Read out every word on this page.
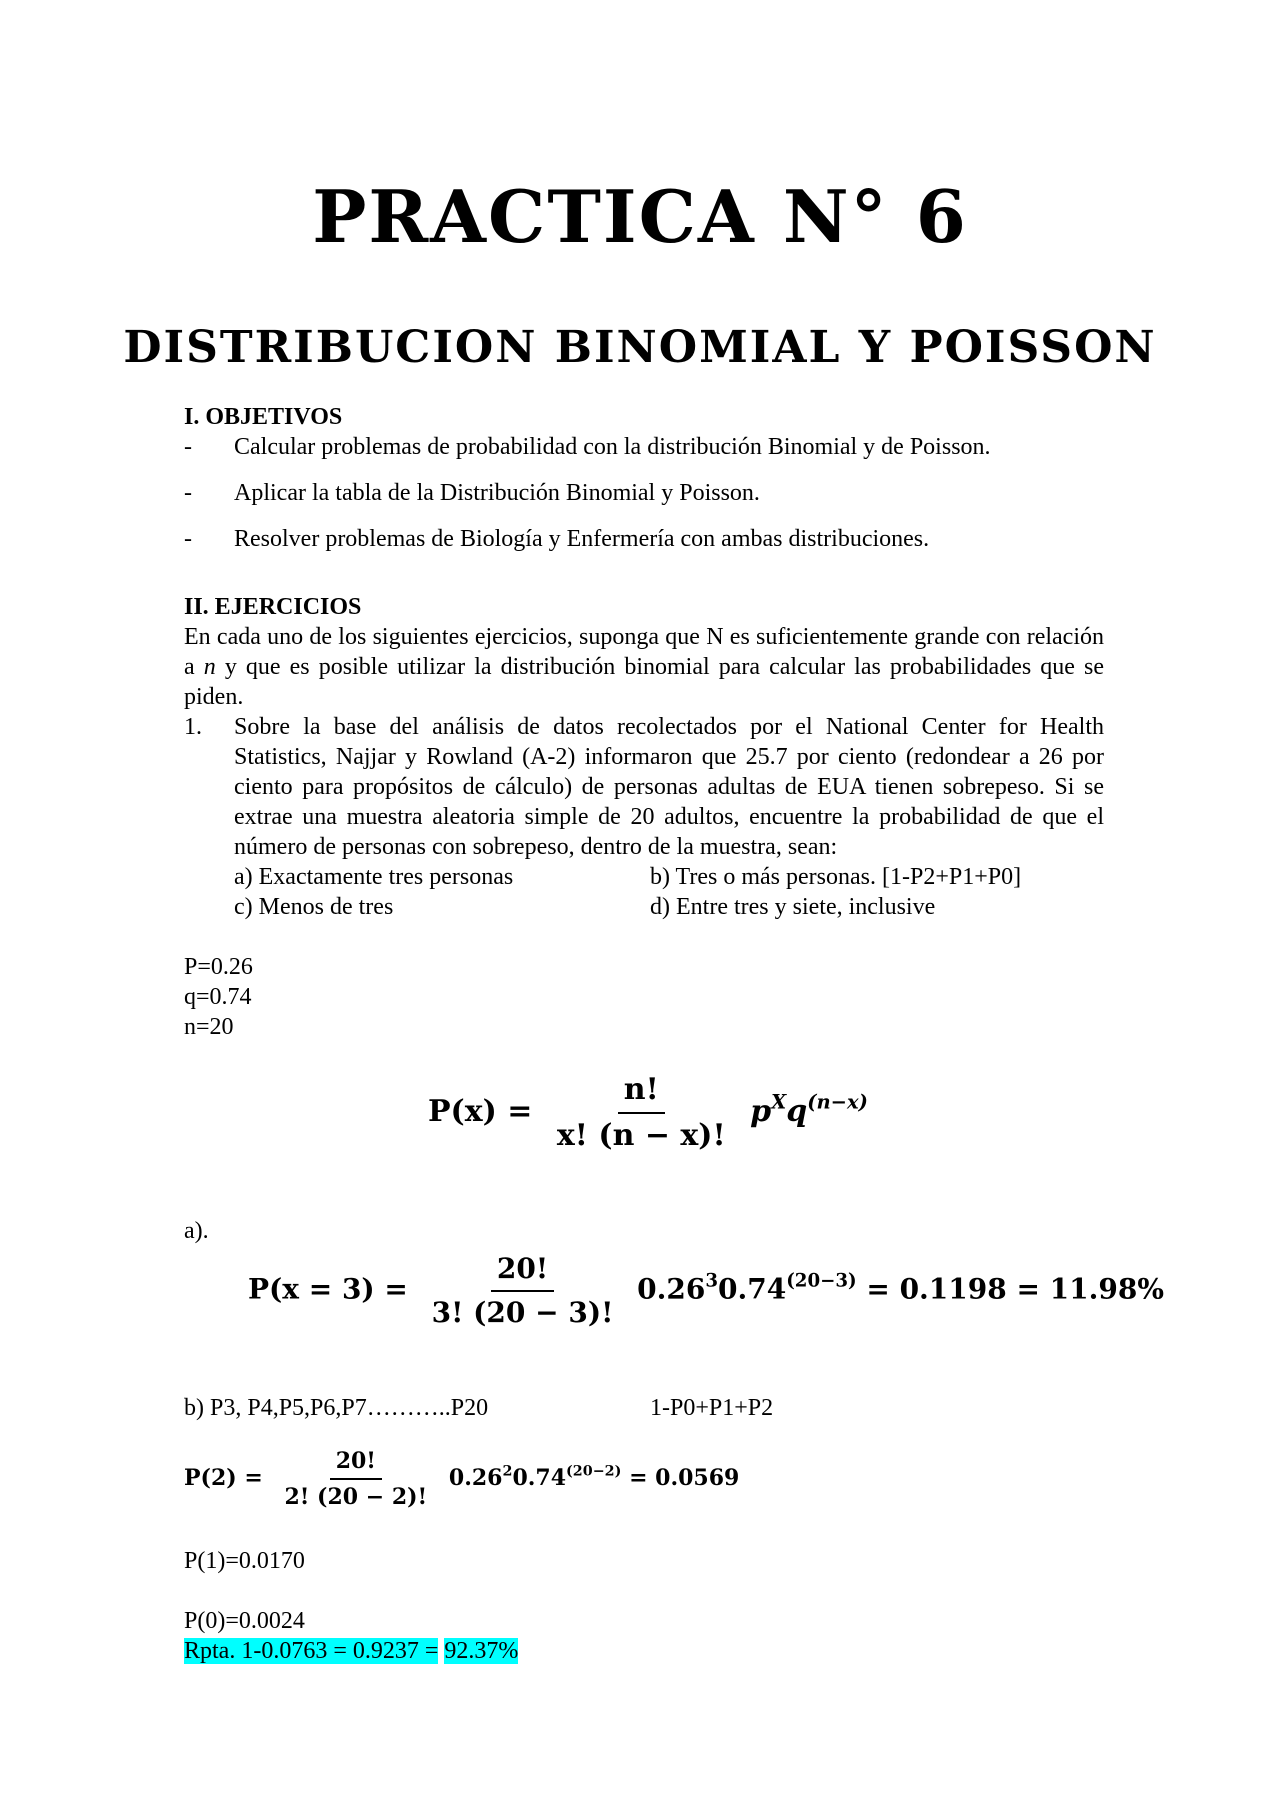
PRACTICA N° 6
DISTRIBUCION BINOMIAL Y POISSON
I. OBJETIVOS
- Calcular problemas de probabilidad con la distribución Binomial y de Poisson.
- Aplicar la tabla de la Distribución Binomial y Poisson.
- Resolver problemas de Biología y Enfermería con ambas distribuciones.
II. EJERCICIOS
En cada uno de los siguientes ejercicios, suponga que N es suficientemente grande con relación a n y que es posible utilizar la distribución binomial para calcular las probabilidades que se piden.
1. Sobre la base del análisis de datos recolectados por el National Center for Health Statistics, Najjar y Rowland (A-2) informaron que 25.7 por ciento (redondear a 26 por ciento para propósitos de cálculo) de personas adultas de EUA tienen sobrepeso. Si se extrae una muestra aleatoria simple de 20 adultos, encuentre la probabilidad de que el número de personas con sobrepeso, dentro de la muestra, sean:
a) Exactamente tres personas	b) Tres o más personas. [1-P2+P1+P0]
c) Menos de tres	d) Entre tres y siete, inclusive
P=0.26
q=0.74
n=20
$P(x) = \frac{n!}{x! (n - x)!} p^Xq^{(n-x)}$
a).
$P(x = 3) = \frac{20!}{3! (20 - 3)!} 0.26^30.74^{(20-3)} = 0.1198 = 11.98\%$
b) P3, P4,P5,P6,P7………..P20	1-P0+P1+P2
$P(2) = \frac{20!}{2! (20 - 2)!} 0.26^20.74^{(20-2)} = 0.0569$
P(1)=0.0170
P(0)=0.0024
Rpta. 1-0.0763 = 0.9237 = 92.37%
